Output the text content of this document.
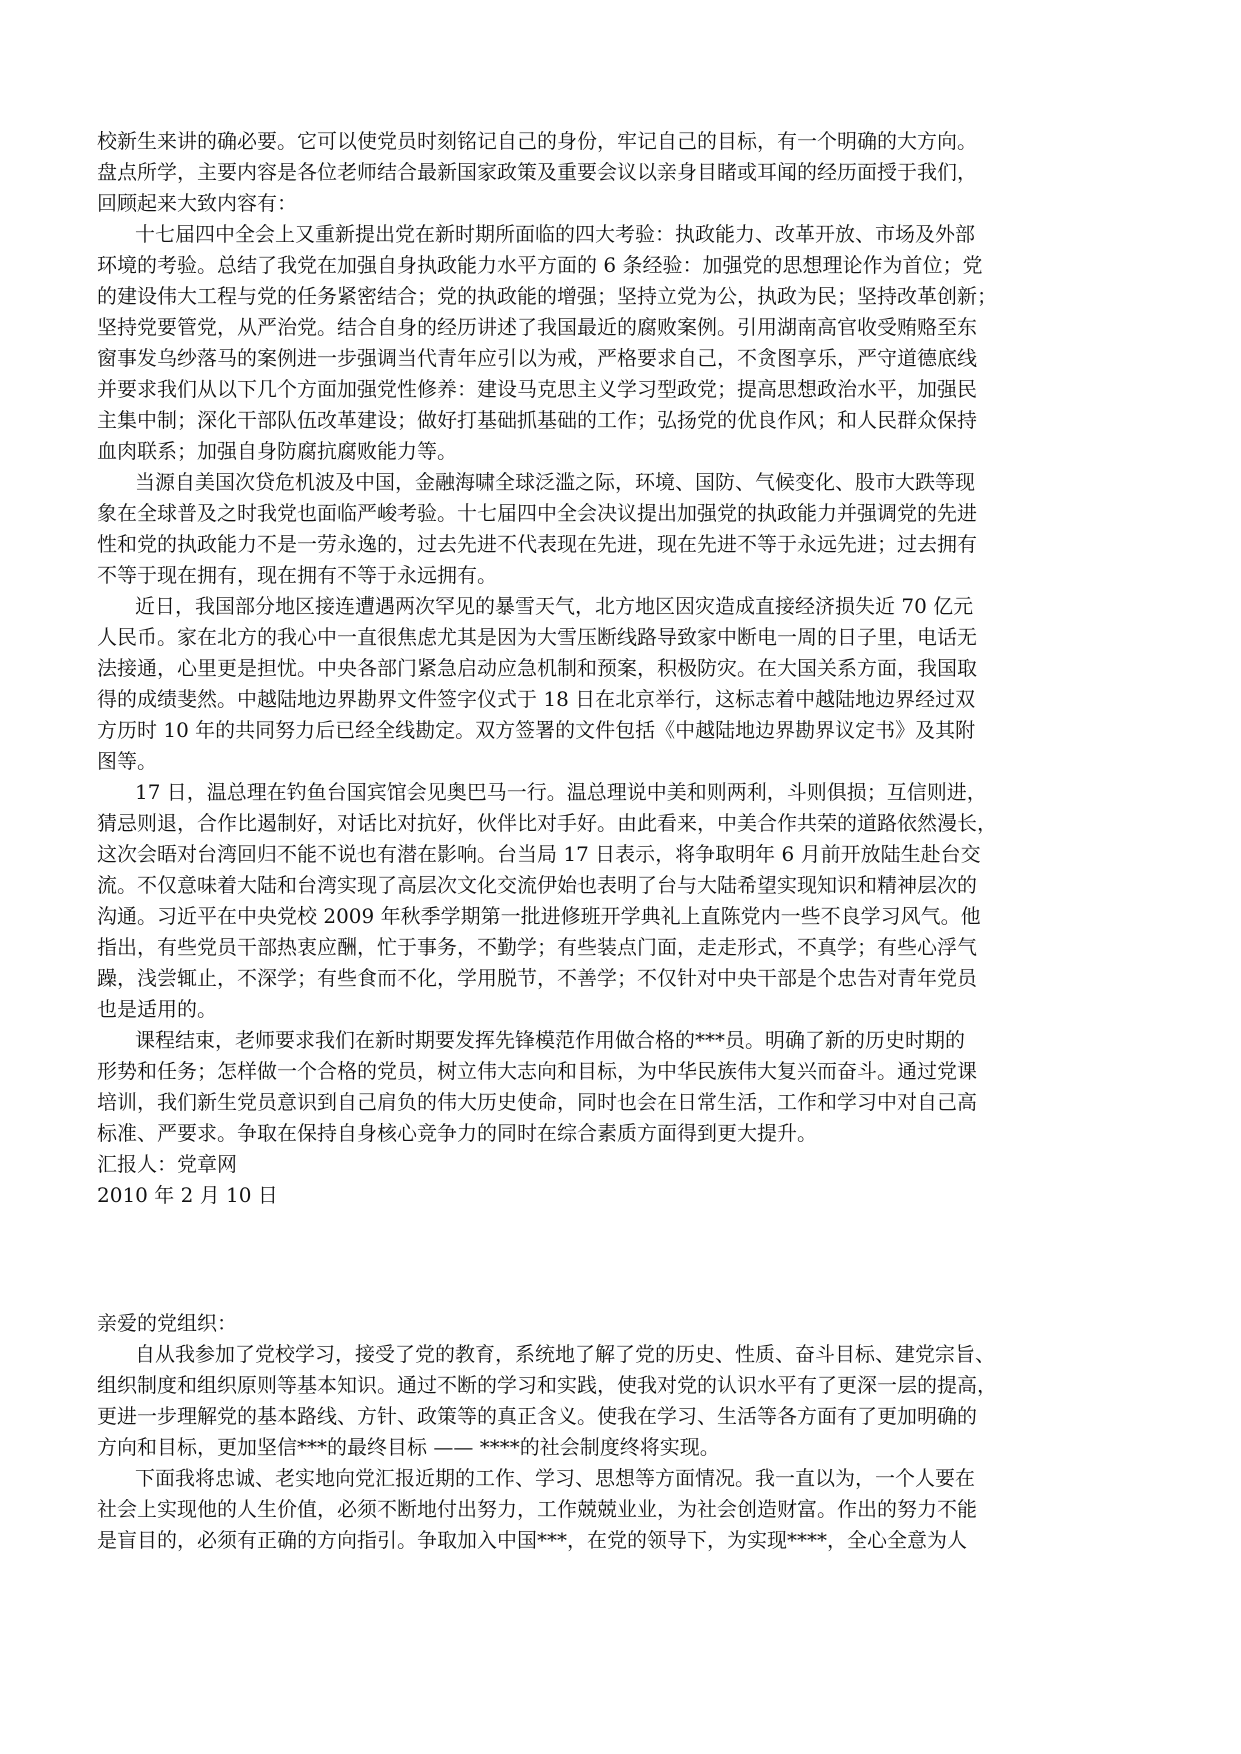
校新生来讲的确必要。它可以使党员时刻铭记自己的身份，牢记自己的目标，有一个明确的大方向。
盘点所学，主要内容是各位老师结合最新国家政策及重要会议以亲身目睹或耳闻的经历面授于我们，
回顾起来大致内容有：
十七届四中全会上又重新提出党在新时期所面临的四大考验：执政能力、改革开放、市场及外部
环境的考验。总结了我党在加强自身执政能力水平方面的 6 条经验：加强党的思想理论作为首位；党
的建设伟大工程与党的任务紧密结合；党的执政能的增强；坚持立党为公，执政为民；坚持改革创新；
坚持党要管党，从严治党。结合自身的经历讲述了我国最近的腐败案例。引用湖南高官收受贿赂至东
窗事发乌纱落马的案例进一步强调当代青年应引以为戒，严格要求自己，不贪图享乐，严守道德底线
并要求我们从以下几个方面加强党性修养：建设马克思主义学习型政党；提高思想政治水平，加强民
主集中制；深化干部队伍改革建设；做好打基础抓基础的工作；弘扬党的优良作风；和人民群众保持
血肉联系；加强自身防腐抗腐败能力等。
当源自美国次贷危机波及中国，金融海啸全球泛滥之际，环境、国防、气候变化、股市大跌等现
象在全球普及之时我党也面临严峻考验。十七届四中全会决议提出加强党的执政能力并强调党的先进
性和党的执政能力不是一劳永逸的，过去先进不代表现在先进，现在先进不等于永远先进；过去拥有
不等于现在拥有，现在拥有不等于永远拥有。
近日，我国部分地区接连遭遇两次罕见的暴雪天气，北方地区因灾造成直接经济损失近 70 亿元
人民币。家在北方的我心中一直很焦虑尤其是因为大雪压断线路导致家中断电一周的日子里，电话无
法接通，心里更是担忧。中央各部门紧急启动应急机制和预案，积极防灾。在大国关系方面，我国取
得的成绩斐然。中越陆地边界勘界文件签字仪式于 18 日在北京举行，这标志着中越陆地边界经过双
方历时 10 年的共同努力后已经全线勘定。双方签署的文件包括《中越陆地边界勘界议定书》及其附
图等。
17 日，温总理在钓鱼台国宾馆会见奥巴马一行。温总理说中美和则两利，斗则俱损；互信则进，
猜忌则退，合作比遏制好，对话比对抗好，伙伴比对手好。由此看来，中美合作共荣的道路依然漫长，
这次会晤对台湾回归不能不说也有潜在影响。台当局 17 日表示，将争取明年 6 月前开放陆生赴台交
流。不仅意味着大陆和台湾实现了高层次文化交流伊始也表明了台与大陆希望实现知识和精神层次的
沟通。习近平在中央党校 2009 年秋季学期第一批进修班开学典礼上直陈党内一些不良学习风气。他
指出，有些党员干部热衷应酬，忙于事务，不勤学；有些装点门面，走走形式，不真学；有些心浮气
躁，浅尝辄止，不深学；有些食而不化，学用脱节，不善学；不仅针对中央干部是个忠告对青年党员
也是适用的。
课程结束，老师要求我们在新时期要发挥先锋模范作用做合格的***员。明确了新的历史时期的
形势和任务；怎样做一个合格的党员，树立伟大志向和目标，为中华民族伟大复兴而奋斗。通过党课
培训，我们新生党员意识到自己肩负的伟大历史使命，同时也会在日常生活，工作和学习中对自己高
标准、严要求。争取在保持自身核心竞争力的同时在综合素质方面得到更大提升。
汇报人：党章网
2010 年 2 月 10 日
亲爱的党组织：
自从我参加了党校学习，接受了党的教育，系统地了解了党的历史、性质、奋斗目标、建党宗旨、
组织制度和组织原则等基本知识。通过不断的学习和实践，使我对党的认识水平有了更深一层的提高，
更进一步理解党的基本路线、方针、政策等的真正含义。使我在学习、生活等各方面有了更加明确的
方向和目标，更加坚信***的最终目标 —— ****的社会制度终将实现。
下面我将忠诚、老实地向党汇报近期的工作、学习、思想等方面情况。我一直以为，一个人要在
社会上实现他的人生价值，必须不断地付出努力，工作兢兢业业，为社会创造财富。作出的努力不能
是盲目的，必须有正确的方向指引。争取加入中国***，在党的领导下，为实现****，全心全意为人
